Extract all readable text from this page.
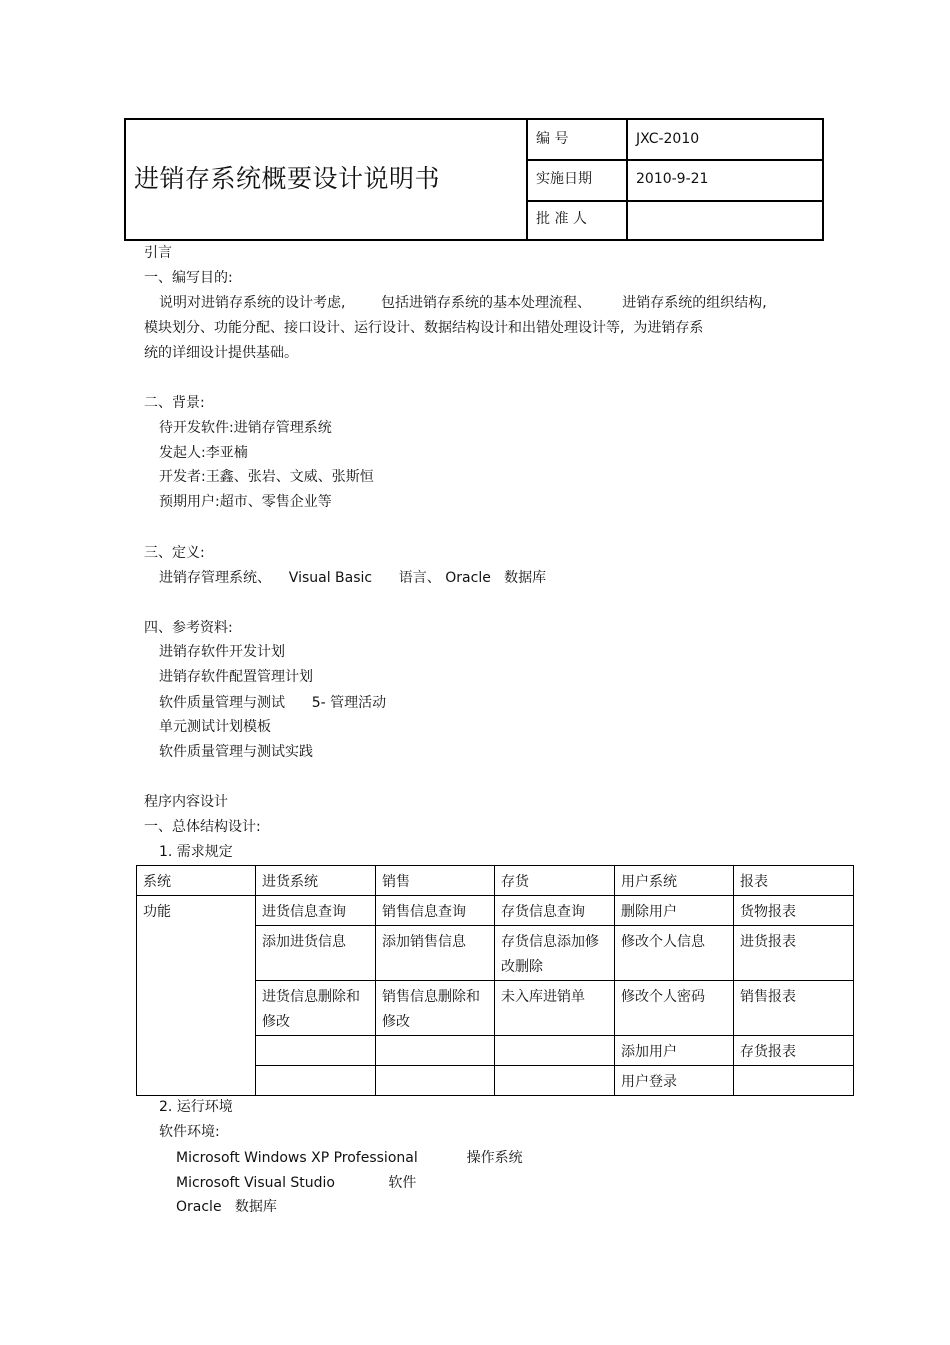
进销存系统概要设计说明书
编 号	JXC-2010
实施日期	2010-9-21
批 准 人
引言
一、编写目的:
说明对进销存系统的设计考虑,        包括进销存系统的基本处理流程、       进销存系统的组织结构,
模块划分、功能分配、接口设计、运行设计、数据结构设计和出错处理设计等,  为进销存系
统的详细设计提供基础。
二、背景:
待开发软件:进销存管理系统
发起人:李亚楠
开发者:王鑫、张岩、文威、张斯恒
预期用户:超市、零售企业等
三、定义:
进销存管理系统、    Visual Basic      语言、 Oracle   数据库
四、参考资料:
进销存软件开发计划
进销存软件配置管理计划
软件质量管理与测试      5- 管理活动
单元测试计划模板
软件质量管理与测试实践
程序内容设计
一、总体结构设计:
1. 需求规定
系统	进货系统	销售	存货	用户系统	报表
功能	进货信息查询	销售信息查询	存货信息查询	删除用户	货物报表
	添加进货信息	添加销售信息	存货信息添加修改删除	修改个人信息	进货报表
	进货信息删除和修改	销售信息删除和修改	未入库进销单	修改个人密码	销售报表
				添加用户	存货报表
				用户登录	
2. 运行环境
软件环境:
Microsoft Windows XP Professional           操作系统
Microsoft Visual Studio            软件
Oracle   数据库
